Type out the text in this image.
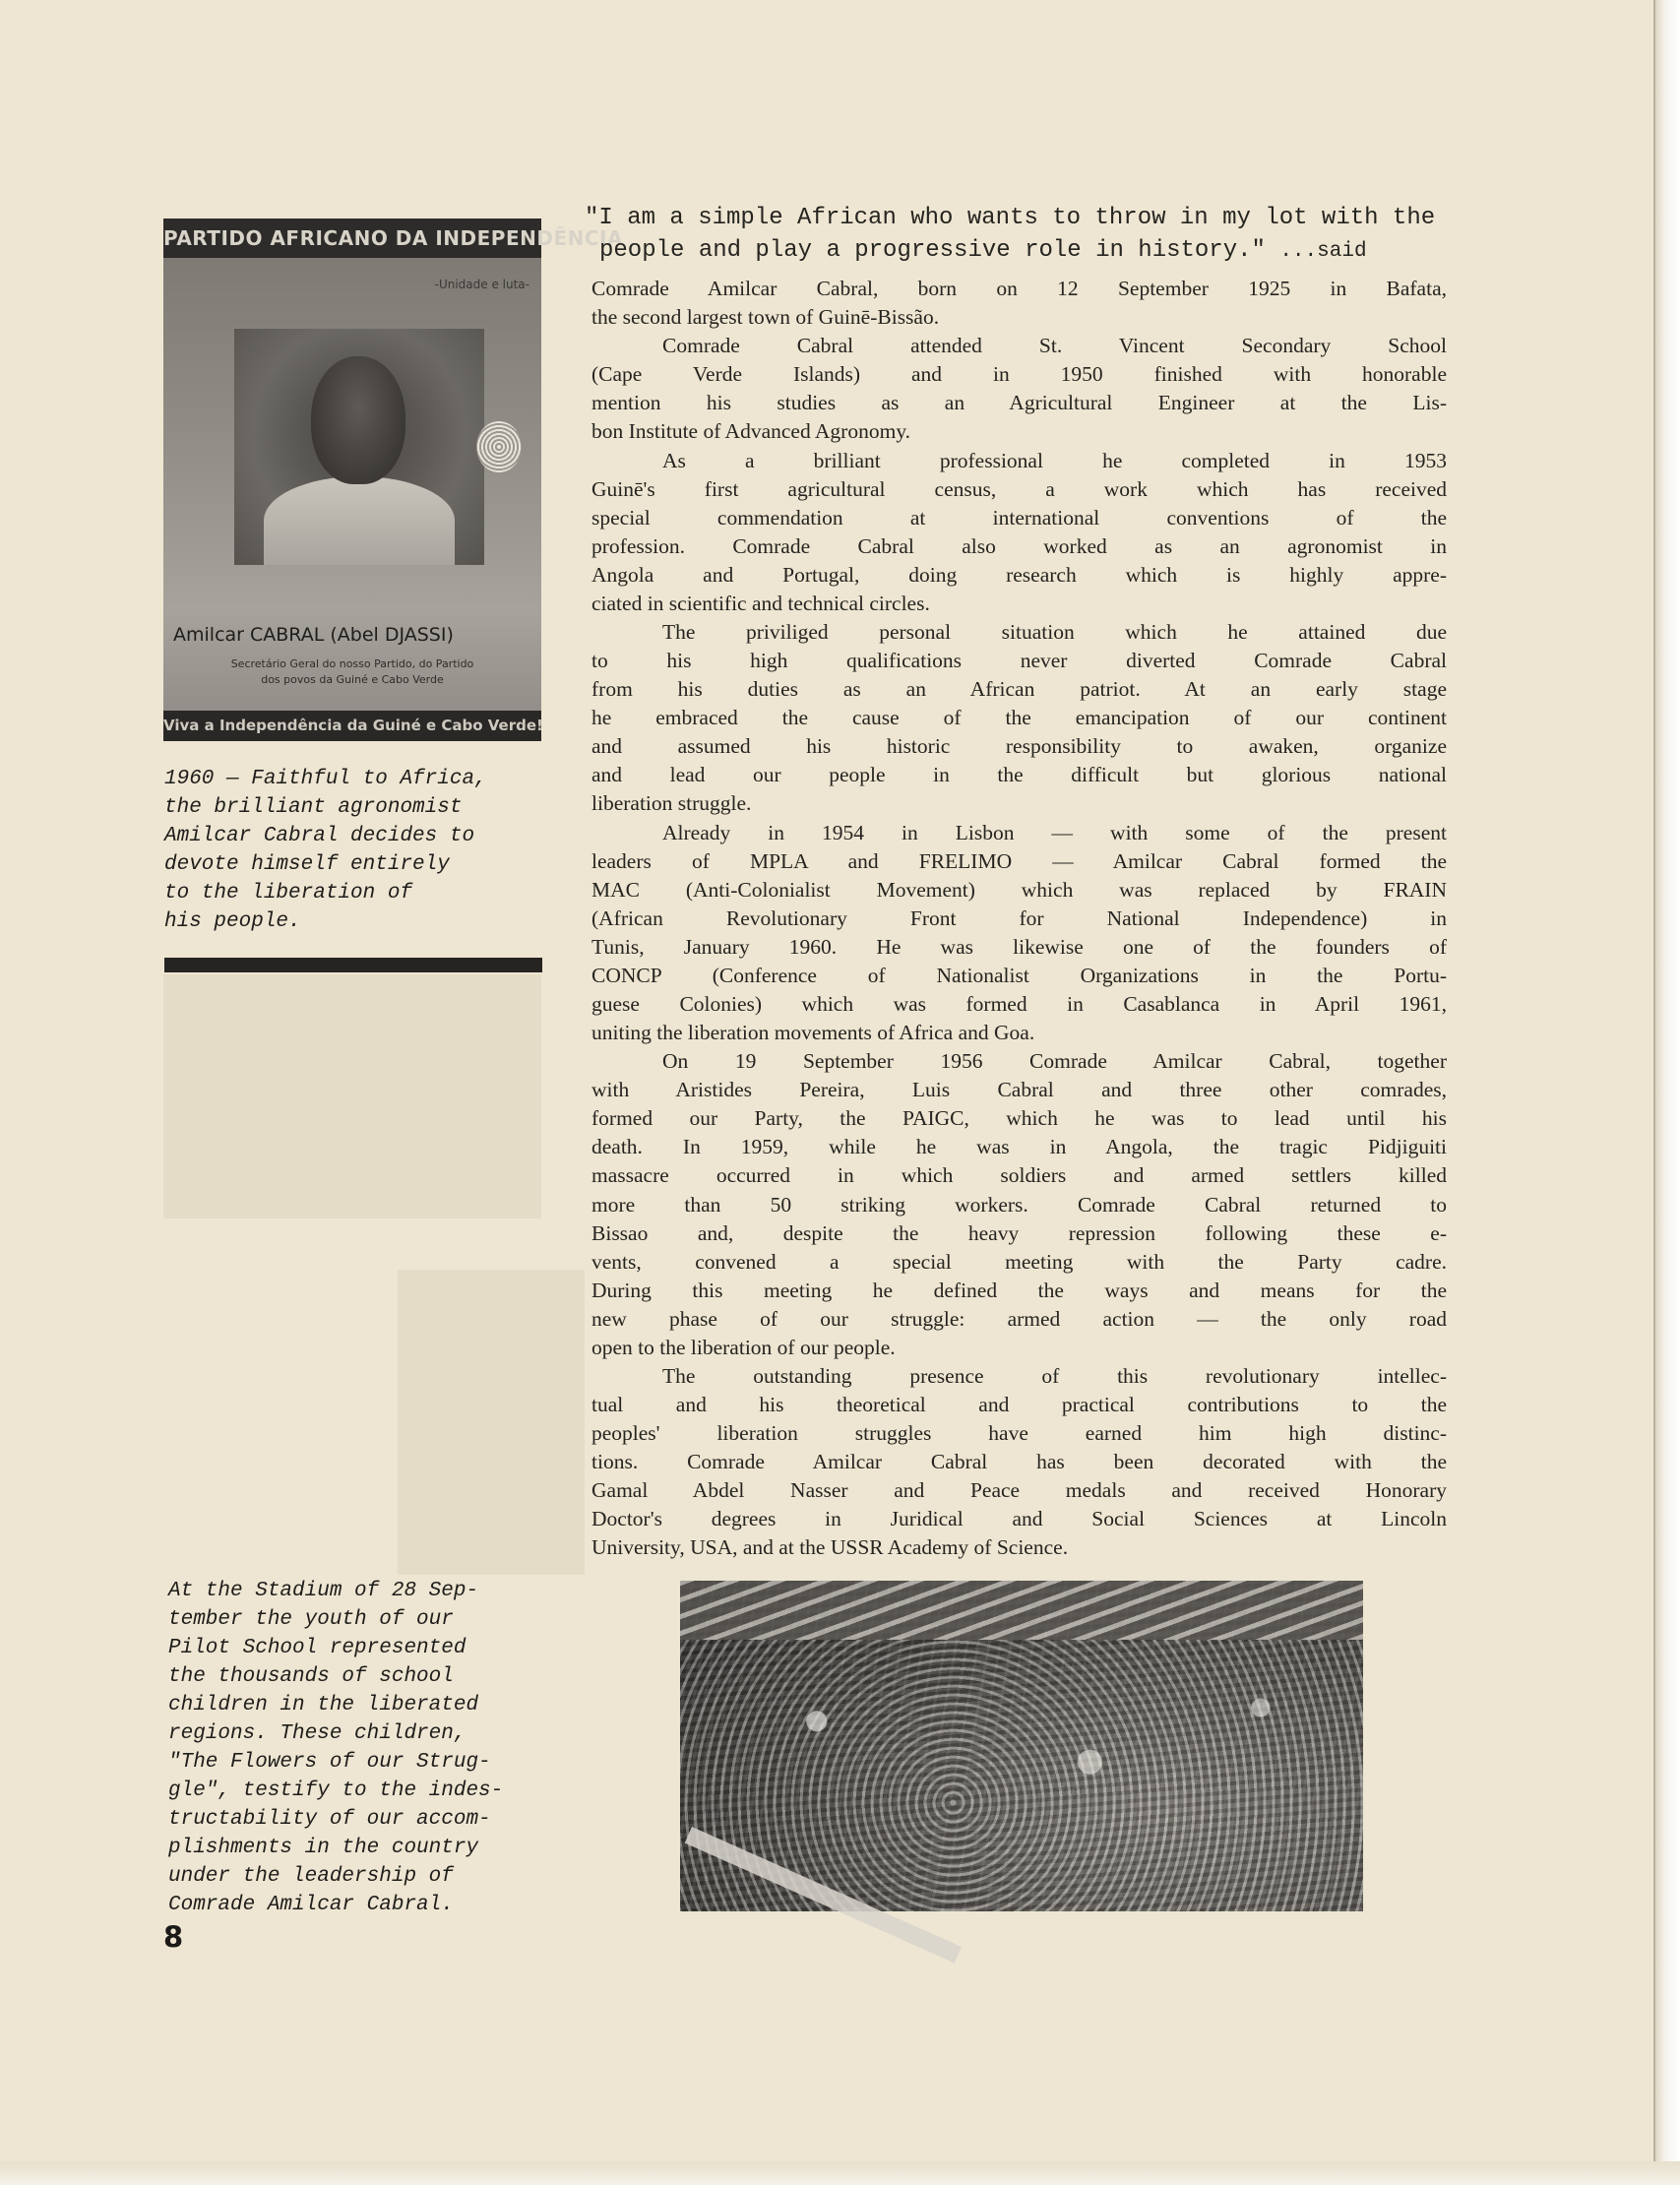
PARTIDO AFRICANO DA INDEPENDÊNCIA
-Unidade e luta-
Amilcar CABRAL (Abel DJASSI)
Secretário Geral do nosso Partido, do Partido
dos povos da Guiné e Cabo Verde
Viva a Independência da Guiné e Cabo Verde!
1960 — Faithful to Africa,
the brilliant agronomist
Amilcar Cabral decides to
devote himself entirely
to the liberation of
his people.
"I am a simple African who wants to throw in my lot with the
people and play a progressive role in history." ...said
Comrade Amilcar Cabral, born on 12 September 1925 in Bafata,
the second largest town of Guinē-Bissão.
Comrade Cabral attended St. Vincent Secondary School
(Cape Verde Islands) and in 1950 finished with honorable
mention his studies as an Agricultural Engineer at the Lis-
bon Institute of Advanced Agronomy.
As a brilliant professional he completed in 1953
Guinē's first agricultural census, a work which has received
special commendation at international conventions of the
profession. Comrade Cabral also worked as an agronomist in
Angola and Portugal, doing research which is highly appre-
ciated in scientific and technical circles.
The priviliged personal situation which he attained due
to his high qualifications never diverted Comrade Cabral
from his duties as an African patriot. At an early stage
he embraced the cause of the emancipation of our continent
and assumed his historic responsibility to awaken, organize
and lead our people in the difficult but glorious national
liberation struggle.
Already in 1954 in Lisbon — with some of the present
leaders of MPLA and FRELIMO — Amilcar Cabral formed the
MAC (Anti-Colonialist Movement) which was replaced by FRAIN
(African Revolutionary Front for National Independence) in
Tunis, January 1960. He was likewise one of the founders of
CONCP (Conference of Nationalist Organizations in the Portu-
guese Colonies) which was formed in Casablanca in April 1961,
uniting the liberation movements of Africa and Goa.
On 19 September 1956 Comrade Amilcar Cabral, together
with Aristides Pereira, Luis Cabral and three other comrades,
formed our Party, the PAIGC, which he was to lead until his
death. In 1959, while he was in Angola, the tragic Pidjiguiti
massacre occurred in which soldiers and armed settlers killed
more than 50 striking workers. Comrade Cabral returned to
Bissao and, despite the heavy repression following these e-
vents, convened a special meeting with the Party cadre.
During this meeting he defined the ways and means for the
new phase of our struggle: armed action — the only road
open to the liberation of our people.
The outstanding presence of this revolutionary intellec-
tual and his theoretical and practical contributions to the
peoples' liberation struggles have earned him high distinc-
tions. Comrade Amilcar Cabral has been decorated with the
Gamal Abdel Nasser and Peace medals and received Honorary
Doctor's degrees in Juridical and Social Sciences at Lincoln
University, USA, and at the USSR Academy of Science.
At the Stadium of 28 Sep-
tember the youth of our
Pilot School represented
the thousands of school
children in the liberated
regions. These children,
"The Flowers of our Strug-
gle", testify to the indes-
tructability of our accom-
plishments in the country
under the leadership of
Comrade Amilcar Cabral.
8
